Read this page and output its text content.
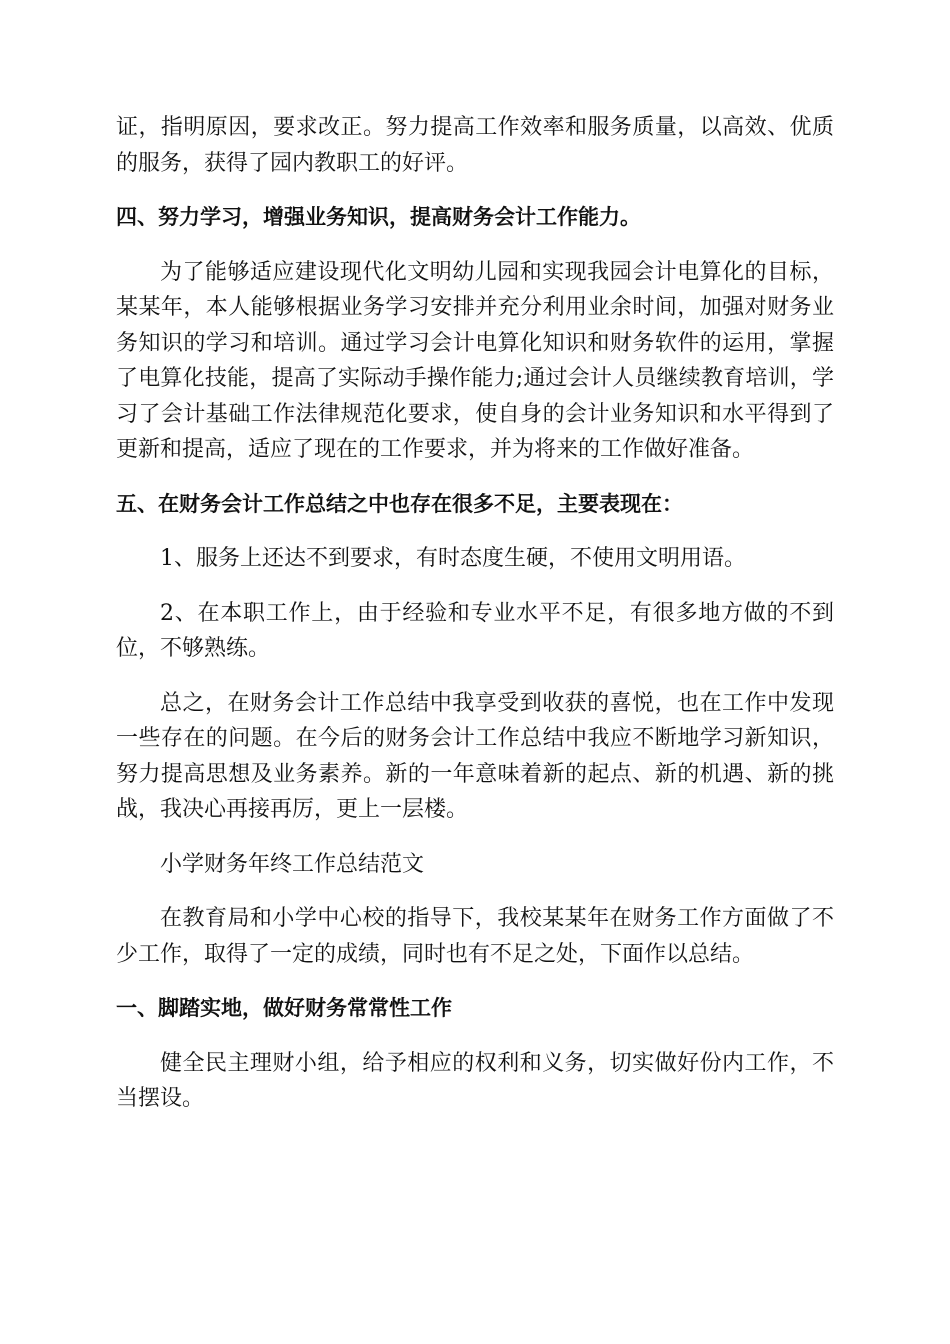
证，指明原因，要求改正。努力提高工作效率和服务质量，以高效、优质的服务，获得了园内教职工的好评。

四、努力学习，增强业务知识，提高财务会计工作能力。

为了能够适应建设现代化文明幼儿园和实现我园会计电算化的目标，某某年，本人能够根据业务学习安排并充分利用业余时间，加强对财务业务知识的学习和培训。通过学习会计电算化知识和财务软件的运用，掌握了电算化技能，提高了实际动手操作能力;通过会计人员继续教育培训，学习了会计基础工作法律规范化要求，使自身的会计业务知识和水平得到了更新和提高，适应了现在的工作要求，并为将来的工作做好准备。

五、在财务会计工作总结之中也存在很多不足，主要表现在：

1、服务上还达不到要求，有时态度生硬，不使用文明用语。

2、在本职工作上，由于经验和专业水平不足，有很多地方做的不到位，不够熟练。

总之，在财务会计工作总结中我享受到收获的喜悦，也在工作中发现一些存在的问题。在今后的财务会计工作总结中我应不断地学习新知识，努力提高思想及业务素养。新的一年意味着新的起点、新的机遇、新的挑战，我决心再接再厉，更上一层楼。

小学财务年终工作总结范文

在教育局和小学中心校的指导下，我校某某年在财务工作方面做了不少工作，取得了一定的成绩，同时也有不足之处，下面作以总结。

一、脚踏实地，做好财务常常性工作

健全民主理财小组，给予相应的权利和义务，切实做好份内工作，不当摆设。
